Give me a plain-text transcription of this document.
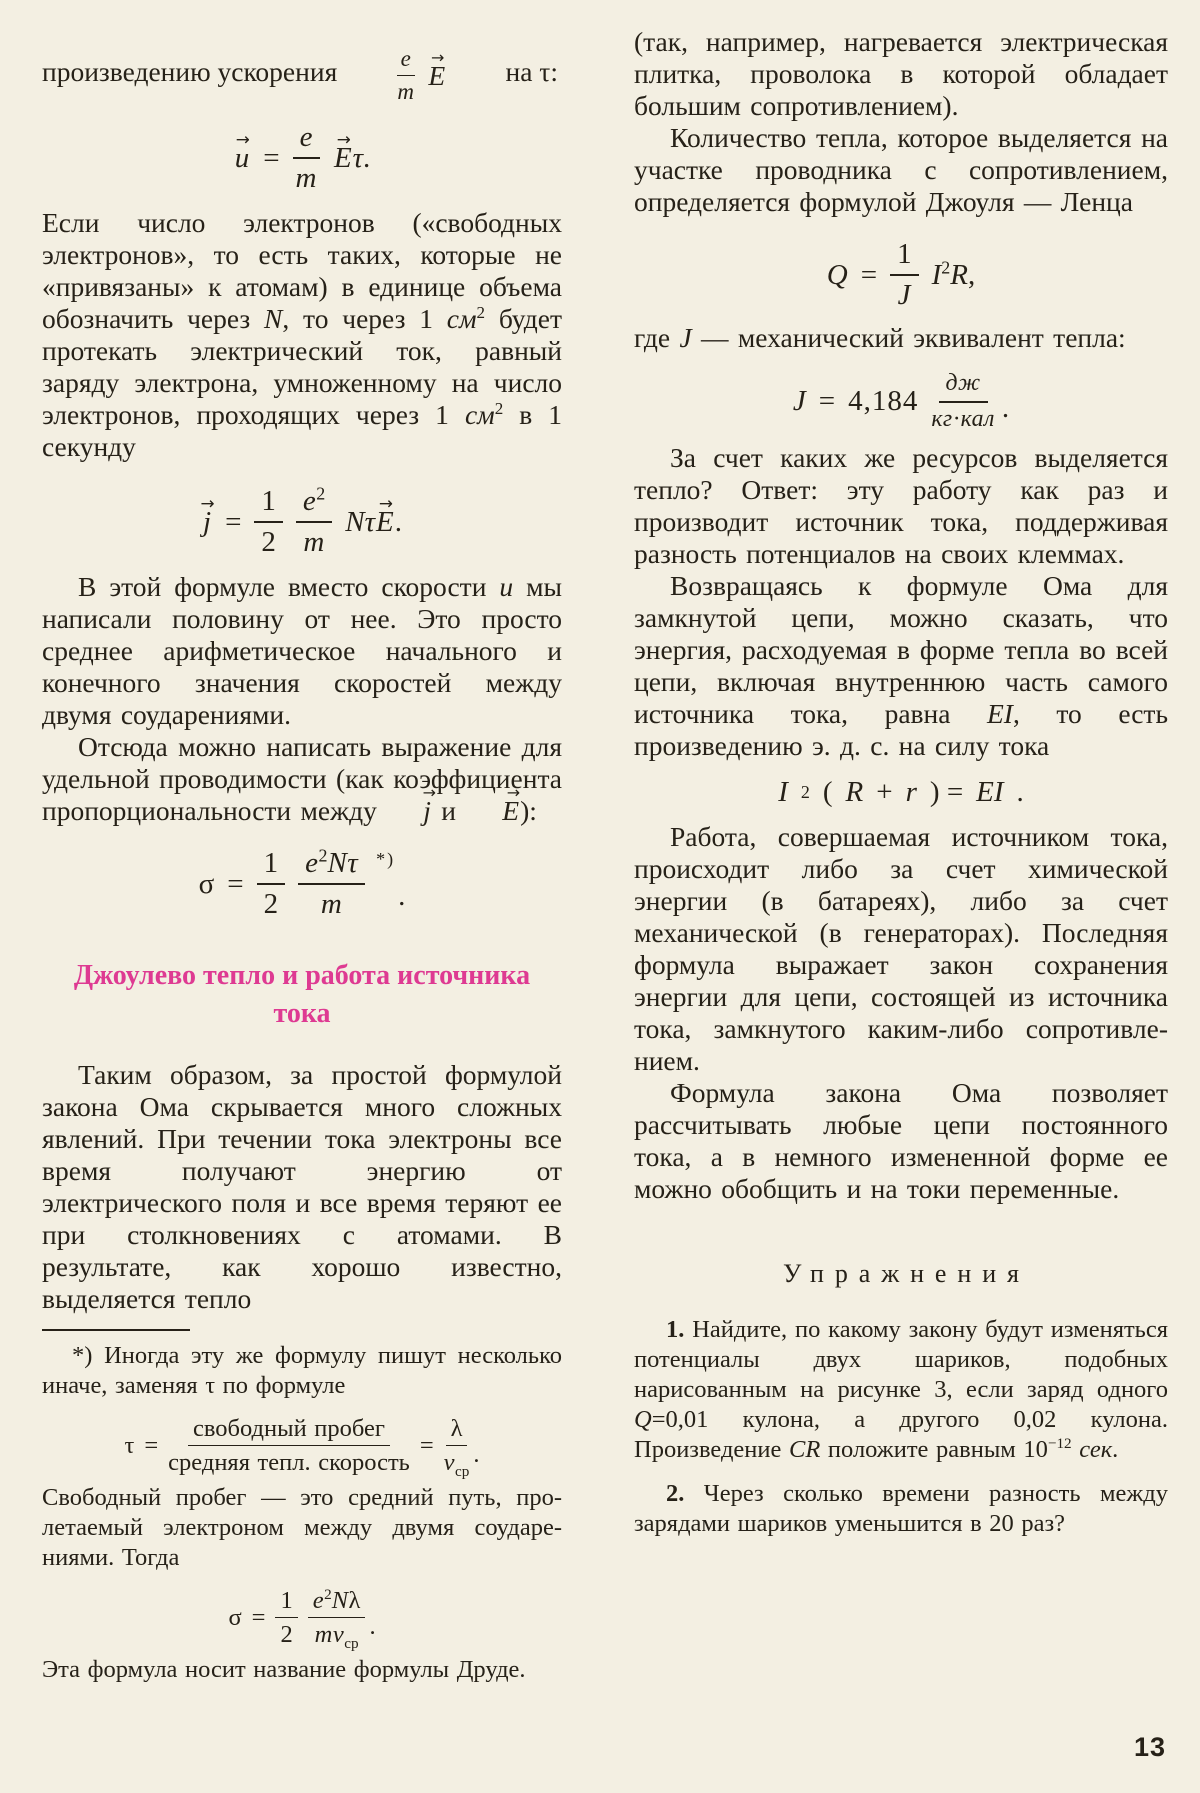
произведению ускорения	$\frac{e}{m}$ E → на τ:
u → = $\frac{e}{m}$ E →τ.

Если число электронов («свободных электронов», то есть таких, которые не «привязаны» к атомам) в единице объема обозначить через N, то через 1 $см^2$ будет протекать электрический ток, равный заряду электрона, умноженному на число электронов, проходящих через 1 $см^2$ в 1 секунду

j → = $\frac{1}{2} \frac{e^2}{m}$ NτE →.

В этой формуле вместо скорости u мы написали половину от нее. Это просто среднее арифметическое начального и конечного значения скоростей между двумя соударениями.

Отсюда можно написать выражение для удельной проводимости (как коэффициента пропорциональности между j → и E →):

$\sigma = \frac{1}{2} \frac{e^2N\tau}{m}$ *)
.
Джоулево тепло и работа источника
тока

Таким образом, за простой формулой закона Ома скрывается много сложных явлений. При течении тока электроны все время получают энергию от электрического поля и все время теряют ее при столкновениях с атомами. В результате, как хорошо известно, выделяется тепло

*) Иногда эту же формулу пишут несколько иначе, заменяя τ по формуле

$\tau = \frac{\text{свободный пробег}}{\text{средняя тепл. скорость}} = \frac{\lambda}{v_{ср}}$ .

Свободный пробег — это средний путь, пролетаемый электроном между двумя соударениями. Тогда

$\sigma = \frac{1}{2} \frac{e^2N\lambda}{mv_{ср}}$ .

Эта формула носит название формулы Друде.

(так, например, нагревается электрическая плитка, проволока в которой обладает большим сопротивлением).

Количество тепла, которое выделяется на участке проводника с сопротивлением, определяется формулой Джоуля — Ленца

$Q = \frac{1}{J} I^2R$,

где J — механический эквивалент тепла:

$J = 4,184 \frac{дж}{\text{кг·кал}}$ .

За счет каких же ресурсов выделяется тепло? Ответ: эту работу как раз и производит источник тока, поддерживая разность потенциалов на своих клеммах.

Возвращаясь к формуле Ома для замкнутой цепи, можно сказать, что энергия, расходуемая в форме тепла во всей цепи, включая внутреннюю часть самого источника тока, равна EI, то есть произведению э. д. с. на силу тока

I 2 ( R + r ) = EI .

Работа, совершаемая источником тока, происходит либо за счет химической энергии (в батареях), либо за счет механической (в генераторах). Последняя формула выражает закон сохранения энергии для цепи, состоящей из источника тока, замкнутого каким-либо сопротивлением.

Формула закона Ома позволяет рассчитывать любые цепи постоянного тока, а в немного измененной форме ее можно обобщить и на токи переменные.

Упражнения

1. Найдите, по какому закону будут изменяться потенциалы двух шариков, подобных нарисованным на рисунке 3, если заряд одного Q=0,01 кулона, а другого 0,02 кулона. Произведение CR положите равным $10^{-12}$ сек.

2. Через сколько времени разность между зарядами шариков уменьшится в 20 раз?

13
